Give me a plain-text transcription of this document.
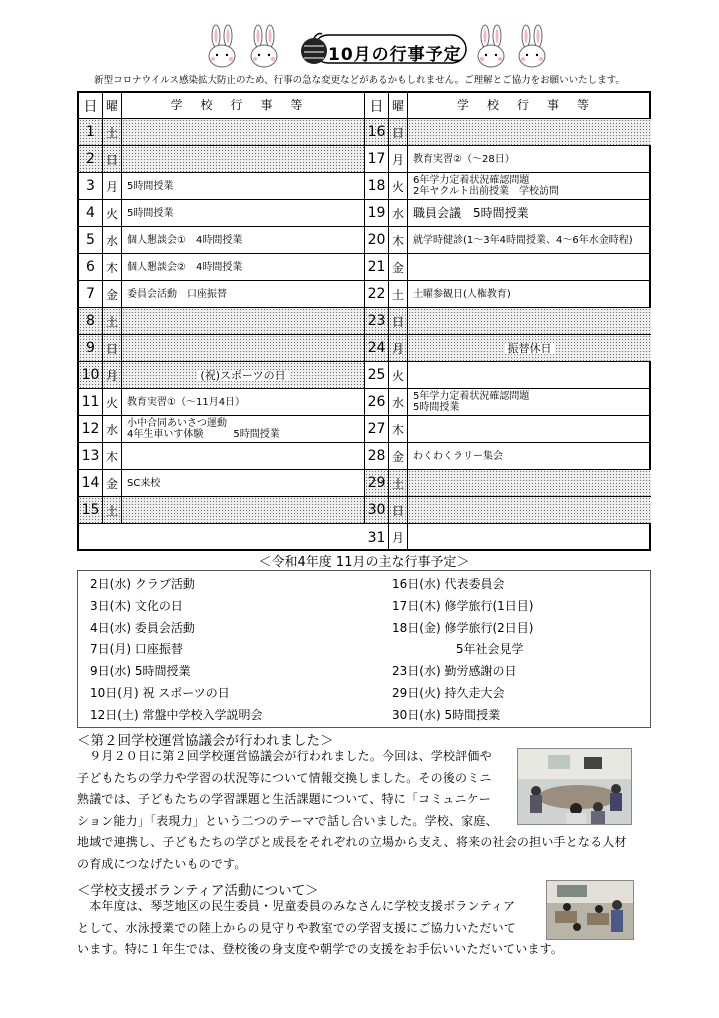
10月の行事予定
新型コロナウイルス感染拡大防止のため、行事の急な変更などがあるかもしれません。ご理解とご協力をお願いいたします。
日 曜	学校行事等
1 土
2 日
3 月 5時間授業
4 火 5時間授業
5 水 個人懇談会①　4時間授業
6 木 個人懇談会②　4時間授業
7 金 委員会活動　口座振替
8 土
9 日
10 月	(祝)スポーツの日
11 火 教育実習①（～11月4日）
12 水 小中合同あいさつ運動
4年生車いす体験　　　5時間授業
13 木
14 金 SC来校
15 土
日 曜	学校行事等
16 日
17 月 教育実習②（～28日）
18 火 6年学力定着状況確認問題
2年ヤクルト出前授業　学校訪問
19 水 職員会議　5時間授業
20 木 就学時健診(1～3年4時間授業、4～6年水金時程)
21 金
22 土 土曜参観日(人権教育)
23 日
24 月	振替休日
25 火
26 水 5年学力定着状況確認問題
5時間授業
27 木
28 金 わくわくラリー集会
29 土
30 日
31 月
＜令和4年度 11月の主な行事予定＞
2日(水) クラブ活動
3日(木) 文化の日
4日(水) 委員会活動
7日(月) 口座振替
9日(水) 5時間授業
10日(月) 祝 スポーツの日
12日(土) 常盤中学校入学説明会
16日(水) 代表委員会
17日(木) 修学旅行(1日目)
18日(金) 修学旅行(2日目)
　　　　　 5年社会見学
23日(水) 勤労感謝の日
29日(火) 持久走大会
30日(水) 5時間授業
＜第２回学校運営協議会が行われました＞
　９月２０日に第２回学校運営協議会が行われました。今回は、学校評価や
子どもたちの学力や学習の状況等について情報交換しました。その後のミニ
熟議では、子どもたちの学習課題と生活課題について、特に「コミュニケー
ション能力」「表現力」という二つのテーマで話し合いました。学校、家庭、
地域で連携し、子どもたちの学びと成長をそれぞれの立場から支え、将来の社会の担い手となる人材
の育成につなげたいものです。
＜学校支援ボランティア活動について＞
　本年度は、琴芝地区の民生委員・児童委員のみなさんに学校支援ボランティア
として、水泳授業での陸上からの見守りや教室での学習支援にご協力いただいて
います。特に１年生では、登校後の身支度や朝学での支援をお手伝いいただいています。
